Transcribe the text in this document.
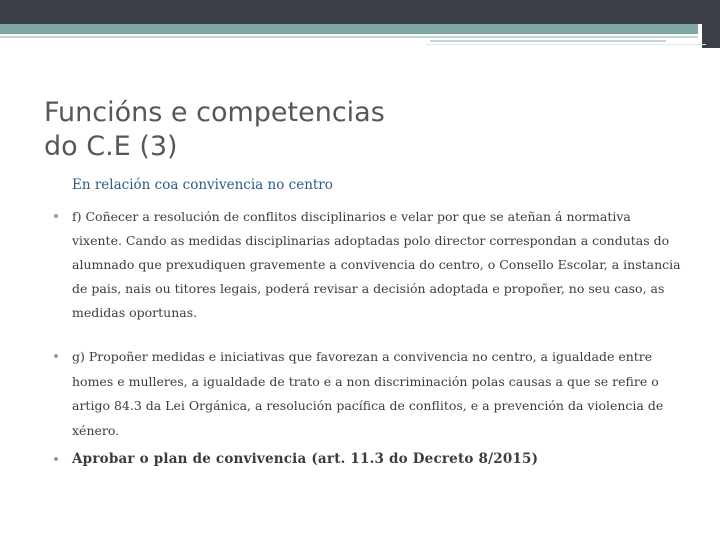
Funcións e competencias
do C.E (3)

En relación coa convivencia no centro

f) Coñecer a resolución de conflitos disciplinarios e velar por que se ateñan á normativa vixente. Cando as medidas disciplinarias adoptadas polo director correspondan a condutas do alumnado que prexudiquen gravemente a convivencia do centro, o Consello Escolar, a instancia de pais, nais ou titores legais, poderá revisar a decisión adoptada e propoñer, no seu caso, as medidas oportunas.
g) Propoñer medidas e iniciativas que favorezan a convivencia no centro, a igualdade entre homes e mulleres, a igualdade de trato e a non discriminación polas causas a que se refire o artigo 84.3 da Lei Orgánica, a resolución pacífica de conflitos, e a prevención da violencia de xénero.
Aprobar o plan de convivencia (art. 11.3 do Decreto 8/2015)
